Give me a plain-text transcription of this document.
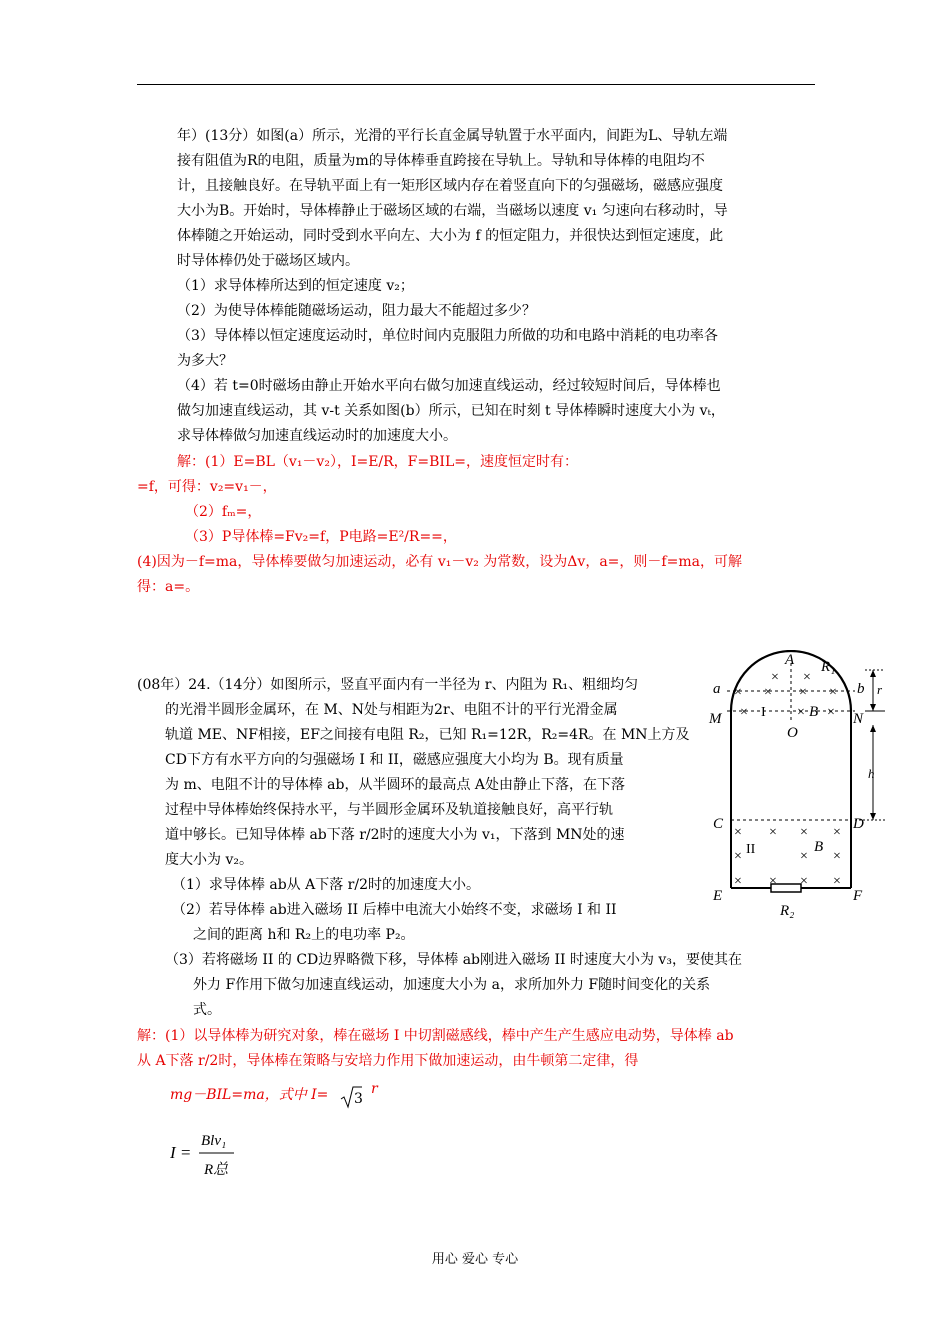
年）(13分）如图(a）所示，光滑的平行长直金属导轨置于水平面内，间距为L、导轨左端
接有阻值为R的电阻，质量为m的导体棒垂直跨接在导轨上。导轨和导体棒的电阻均不
计，且接触良好。在导轨平面上有一矩形区域内存在着竖直向下的匀强磁场，磁感应强度
大小为B。开始时，导体棒静止于磁场区域的右端，当磁场以速度 v₁ 匀速向右移动时，导
体棒随之开始运动，同时受到水平向左、大小为 f 的恒定阻力，并很快达到恒定速度，此
时导体棒仍处于磁场区域内。
（1）求导体棒所达到的恒定速度 v₂；
（2）为使导体棒能随磁场运动，阻力最大不能超过多少？
（3）导体棒以恒定速度运动时，单位时间内克服阻力所做的功和电路中消耗的电功率各
为多大？
（4）若 t=0时磁场由静止开始水平向右做匀加速直线运动，经过较短时间后，导体棒也
做匀加速直线运动，其 v-t 关系如图(b）所示，已知在时刻 t 导体棒瞬时速度大小为 vₜ，
求导体棒做匀加速直线运动时的加速度大小。
解：(1）E=BL（v₁－v₂），I=E/R，F=BIL=，速度恒定时有：
=f，可得：v₂=v₁－，
（2）fₘ=，
（3）P导体棒=Fv₂=f，P电路=E²/R==，
(4)因为－f=ma，导体棒要做匀加速运动，必有 v₁－v₂ 为常数，设为Δv，a=，则－f=ma，可解
得：a=。
(08年）24.（14分）如图所示，竖直平面内有一半径为 r、内阻为 R₁、粗细均匀
的光滑半圆形金属环，在 M、N处与相距为2r、电阻不计的平行光滑金属
轨道 ME、NF相接，EF之间接有电阻 R₂，已知 R₁=12R，R₂=4R。在 MN上方及
CD下方有水平方向的匀强磁场 I 和 II，磁感应强度大小均为 B。现有质量
为 m、电阻不计的导体棒 ab，从半圆环的最高点 A处由静止下落，在下落
过程中导体棒始终保持水平，与半圆形金属环及轨道接触良好，高平行轨
道中够长。已知导体棒 ab下落 r/2时的速度大小为 v₁，下落到 MN处的速
度大小为 v₂。
（1）求导体棒 ab从 A下落 r/2时的加速度大小。
（2）若导体棒 ab进入磁场 II 后棒中电流大小始终不变，求磁场 I 和 II
之间的距离 h和 R₂上的电功率 P₂。
（3）若将磁场 II 的 CD边界略微下移，导体棒 ab刚进入磁场 II 时速度大小为 v₃，要使其在
外力 F作用下做匀加速直线运动，加速度大小为 a，求所加外力 F随时间变化的关系
式。
解：(1）以导体棒为研究对象，棒在磁场 I 中切割磁感线，棒中产生产生感应电动势，导体棒 ab
从 A下落 r/2时，导体棒在策略与安培力作用下做加速运动，由牛顿第二定律，得
mg－BIL=ma，式中 I= 3
r
I =
Blv₁
R总
× × × ×
× ×
×	× ×
× × × ×
×	× ×
× × × ×
A R₁
a	b r
M	N
O
B
h
C	D
B
E	F
R₂
I
II
用心 爱心 专心
